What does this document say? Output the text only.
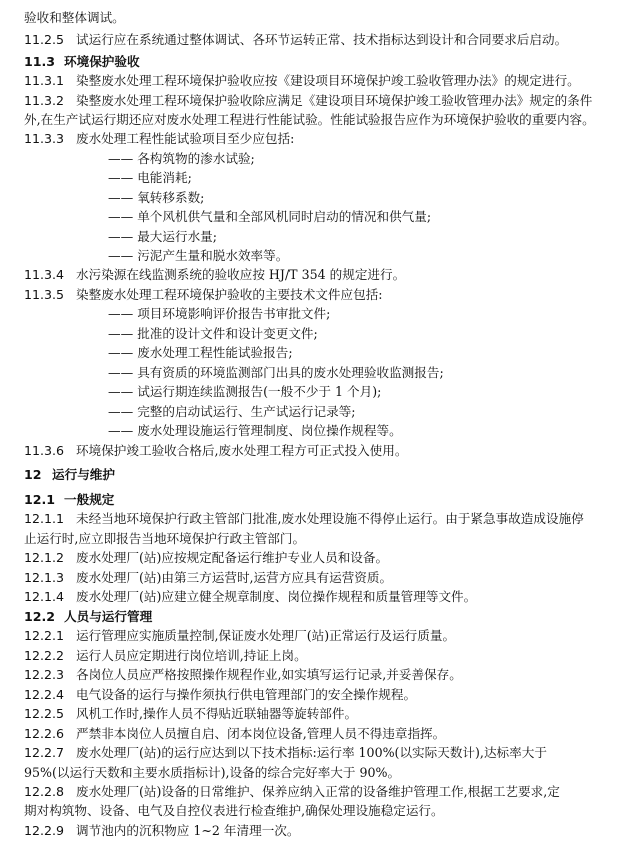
验收和整体调试。
11.2.5 试运行应在系统通过整体调试、各环节运转正常、技术指标达到设计和合同要求后启动。
11.3 环境保护验收
11.3.1 染整废水处理工程环境保护验收应按《建设项目环境保护竣工验收管理办法》的规定进行。
11.3.2 染整废水处理工程环境保护验收除应满足《建设项目环境保护竣工验收管理办法》规定的条件
外,在生产试运行期还应对废水处理工程进行性能试验。性能试验报告应作为环境保护验收的重要内容。
11.3.3 废水处理工程性能试验项目至少应包括:
—— 各构筑物的渗水试验;
—— 电能消耗;
—— 氧转移系数;
—— 单个风机供气量和全部风机同时启动的情况和供气量;
—— 最大运行水量;
—— 污泥产生量和脱水效率等。
11.3.4 水污染源在线监测系统的验收应按 HJ/T 354 的规定进行。
11.3.5 染整废水处理工程环境保护验收的主要技术文件应包括:
—— 项目环境影响评价报告书审批文件;
—— 批准的设计文件和设计变更文件;
—— 废水处理工程性能试验报告;
—— 具有资质的环境监测部门出具的废水处理验收监测报告;
—— 试运行期连续监测报告(一般不少于 1 个月);
—— 完整的启动试运行、生产试运行记录等;
—— 废水处理设施运行管理制度、岗位操作规程等。
11.3.6 环境保护竣工验收合格后,废水处理工程方可正式投入使用。
12 运行与维护
12.1 一般规定
12.1.1 未经当地环境保护行政主管部门批准,废水处理设施不得停止运行。由于紧急事故造成设施停
止运行时,应立即报告当地环境保护行政主管部门。
12.1.2 废水处理厂(站)应按规定配备运行维护专业人员和设备。
12.1.3 废水处理厂(站)由第三方运营时,运营方应具有运营资质。
12.1.4 废水处理厂(站)应建立健全规章制度、岗位操作规程和质量管理等文件。
12.2 人员与运行管理
12.2.1 运行管理应实施质量控制,保证废水处理厂(站)正常运行及运行质量。
12.2.2 运行人员应定期进行岗位培训,持证上岗。
12.2.3 各岗位人员应严格按照操作规程作业,如实填写运行记录,并妥善保存。
12.2.4 电气设备的运行与操作须执行供电管理部门的安全操作规程。
12.2.5 风机工作时,操作人员不得贴近联轴器等旋转部件。
12.2.6 严禁非本岗位人员擅自启、闭本岗位设备,管理人员不得违章指挥。
12.2.7 废水处理厂(站)的运行应达到以下技术指标:运行率 100%(以实际天数计),达标率大于
95%(以运行天数和主要水质指标计),设备的综合完好率大于 90%。
12.2.8 废水处理厂(站)设备的日常维护、保养应纳入正常的设备维护管理工作,根据工艺要求,定
期对构筑物、设备、电气及自控仪表进行检查维护,确保处理设施稳定运行。
12.2.9 调节池内的沉积物应 1~2 年清理一次。
